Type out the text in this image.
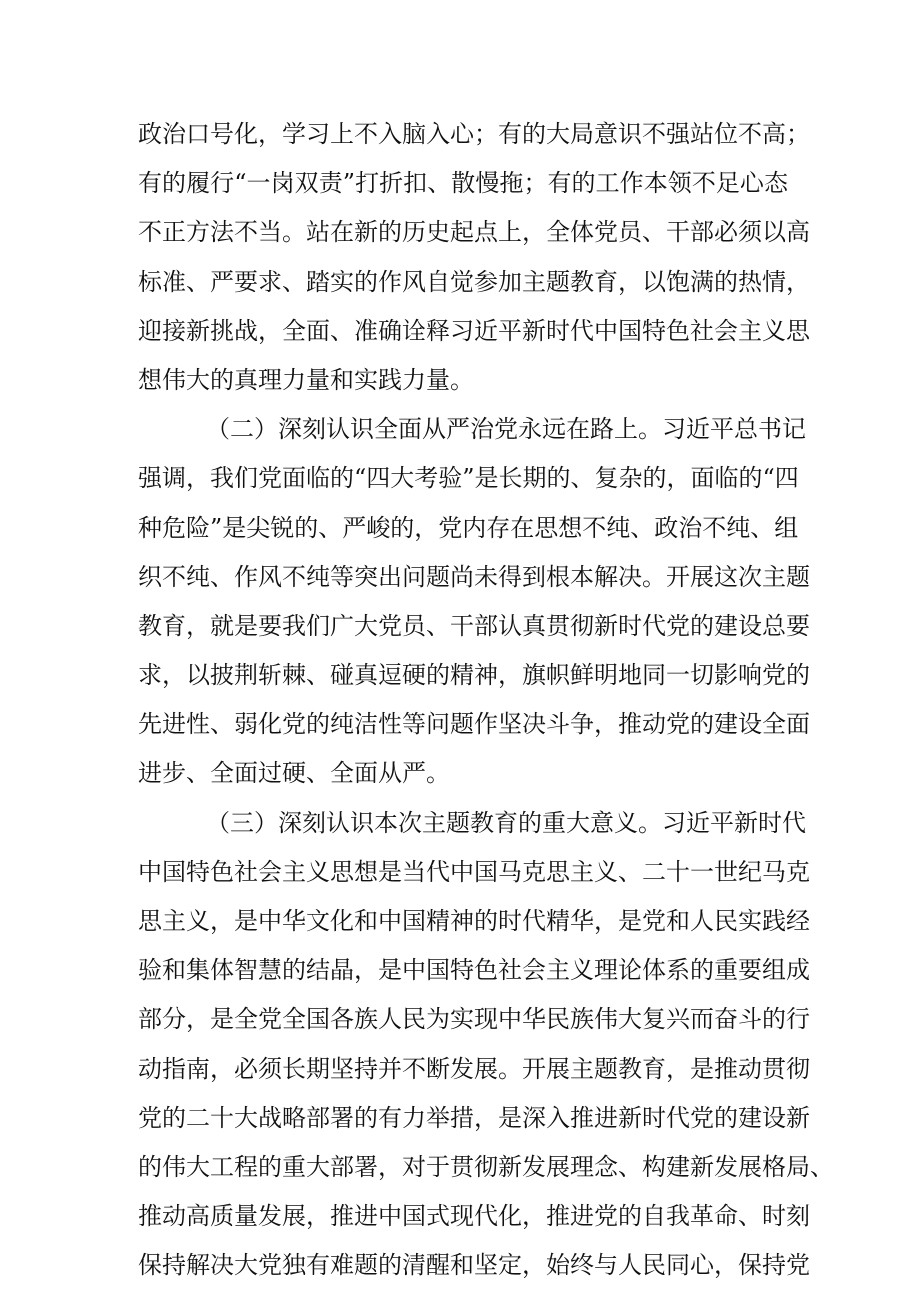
政治口号化，学习上不入脑入心；有的大局意识不强站位不高；
有的履行“一岗双责”打折扣、散慢拖；有的工作本领不足心态
不正方法不当。站在新的历史起点上，全体党员、干部必须以高
标准、严要求、踏实的作风自觉参加主题教育，以饱满的热情，
迎接新挑战，全面、准确诠释习近平新时代中国特色社会主义思
想伟大的真理力量和实践力量。
（二）深刻认识全面从严治党永远在路上。习近平总书记
强调，我们党面临的“四大考验”是长期的、复杂的，面临的“四
种危险”是尖锐的、严峻的，党内存在思想不纯、政治不纯、组
织不纯、作风不纯等突出问题尚未得到根本解决。开展这次主题
教育，就是要我们广大党员、干部认真贯彻新时代党的建设总要
求，以披荆斩棘、碰真逗硬的精神，旗帜鲜明地同一切影响党的
先进性、弱化党的纯洁性等问题作坚决斗争，推动党的建设全面
进步、全面过硬、全面从严。
（三）深刻认识本次主题教育的重大意义。习近平新时代
中国特色社会主义思想是当代中国马克思主义、二十一世纪马克
思主义，是中华文化和中国精神的时代精华，是党和人民实践经
验和集体智慧的结晶，是中国特色社会主义理论体系的重要组成
部分，是全党全国各族人民为实现中华民族伟大复兴而奋斗的行
动指南，必须长期坚持并不断发展。开展主题教育，是推动贯彻
党的二十大战略部署的有力举措，是深入推进新时代党的建设新
的伟大工程的重大部署，对于贯彻新发展理念、构建新发展格局、
推动高质量发展，推进中国式现代化，推进党的自我革命、时刻
保持解决大党独有难题的清醒和坚定，始终与人民同心，保持党
